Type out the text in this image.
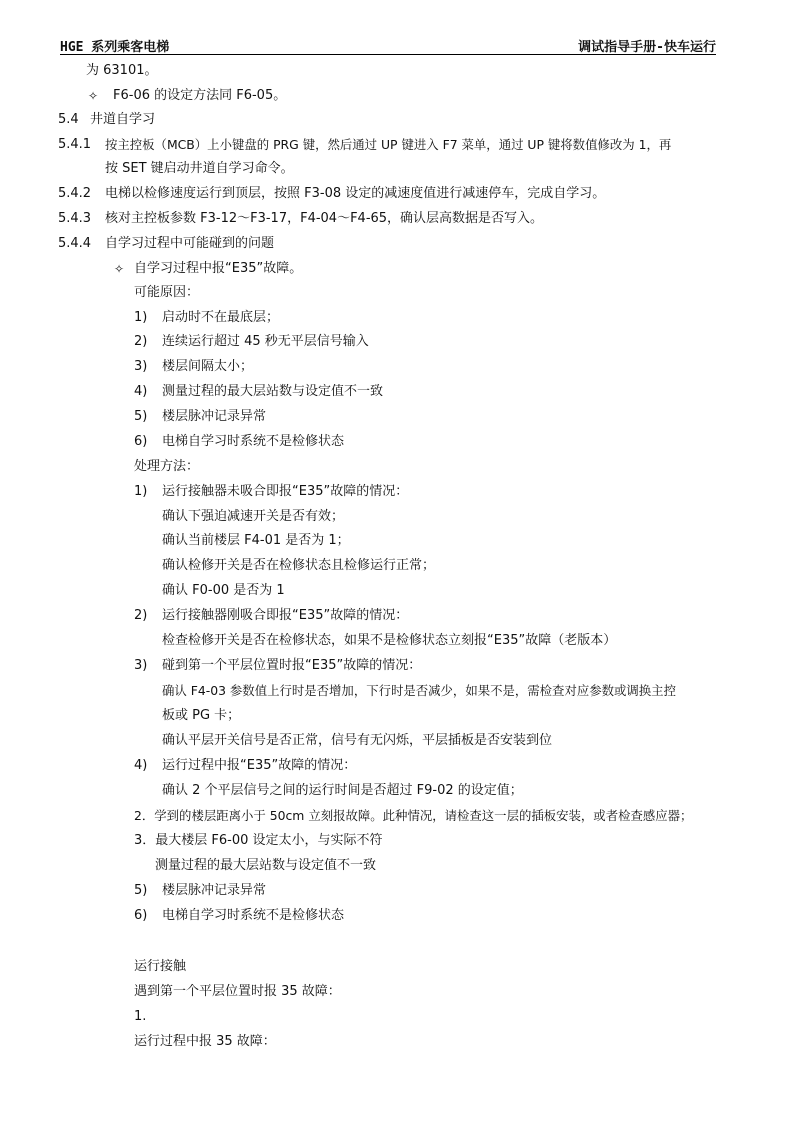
HGE 系列乘客电梯	调试指导手册-快车运行
为 63101。
✧ F6-06 的设定方法同 F6-05。
5.4 井道自学习
5.4.1 按主控板（MCB）上小键盘的 PRG 键，然后通过 UP 键进入 F7 菜单，通过 UP 键将数值修改为 1，再
按 SET 键启动井道自学习命令。
5.4.2 电梯以检修速度运行到顶层，按照 F3-08 设定的减速度值进行减速停车，完成自学习。
5.4.3 核对主控板参数 F3-12～F3-17，F4-04～F4-65，确认层高数据是否写入。
5.4.4 自学习过程中可能碰到的问题
✧ 自学习过程中报“E35”故障。
可能原因：
1) 启动时不在最底层；
2) 连续运行超过 45 秒无平层信号输入
3) 楼层间隔太小；
4) 测量过程的最大层站数与设定值不一致
5) 楼层脉冲记录异常
6) 电梯自学习时系统不是检修状态
处理方法：
1) 运行接触器未吸合即报“E35”故障的情况：
确认下强迫减速开关是否有效；
确认当前楼层 F4-01 是否为 1；
确认检修开关是否在检修状态且检修运行正常；
确认 F0-00 是否为 1
2) 运行接触器刚吸合即报“E35”故障的情况：
检查检修开关是否在检修状态，如果不是检修状态立刻报“E35”故障（老版本）
3) 碰到第一个平层位置时报“E35”故障的情况：
确认 F4-03 参数值上行时是否增加，下行时是否减少，如果不是，需检查对应参数或调换主控
板或 PG 卡；
确认平层开关信号是否正常，信号有无闪烁，平层插板是否安装到位
4) 运行过程中报“E35”故障的情况：
确认 2 个平层信号之间的运行时间是否超过 F9-02 的设定值；
2．学到的楼层距离小于 50cm 立刻报故障。此种情况，请检查这一层的插板安装，或者检查感应器；
3．最大楼层 F6-00 设定太小，与实际不符
测量过程的最大层站数与设定值不一致
5) 楼层脉冲记录异常
6) 电梯自学习时系统不是检修状态
运行接触
遇到第一个平层位置时报 35 故障：
1.
运行过程中报 35 故障：
